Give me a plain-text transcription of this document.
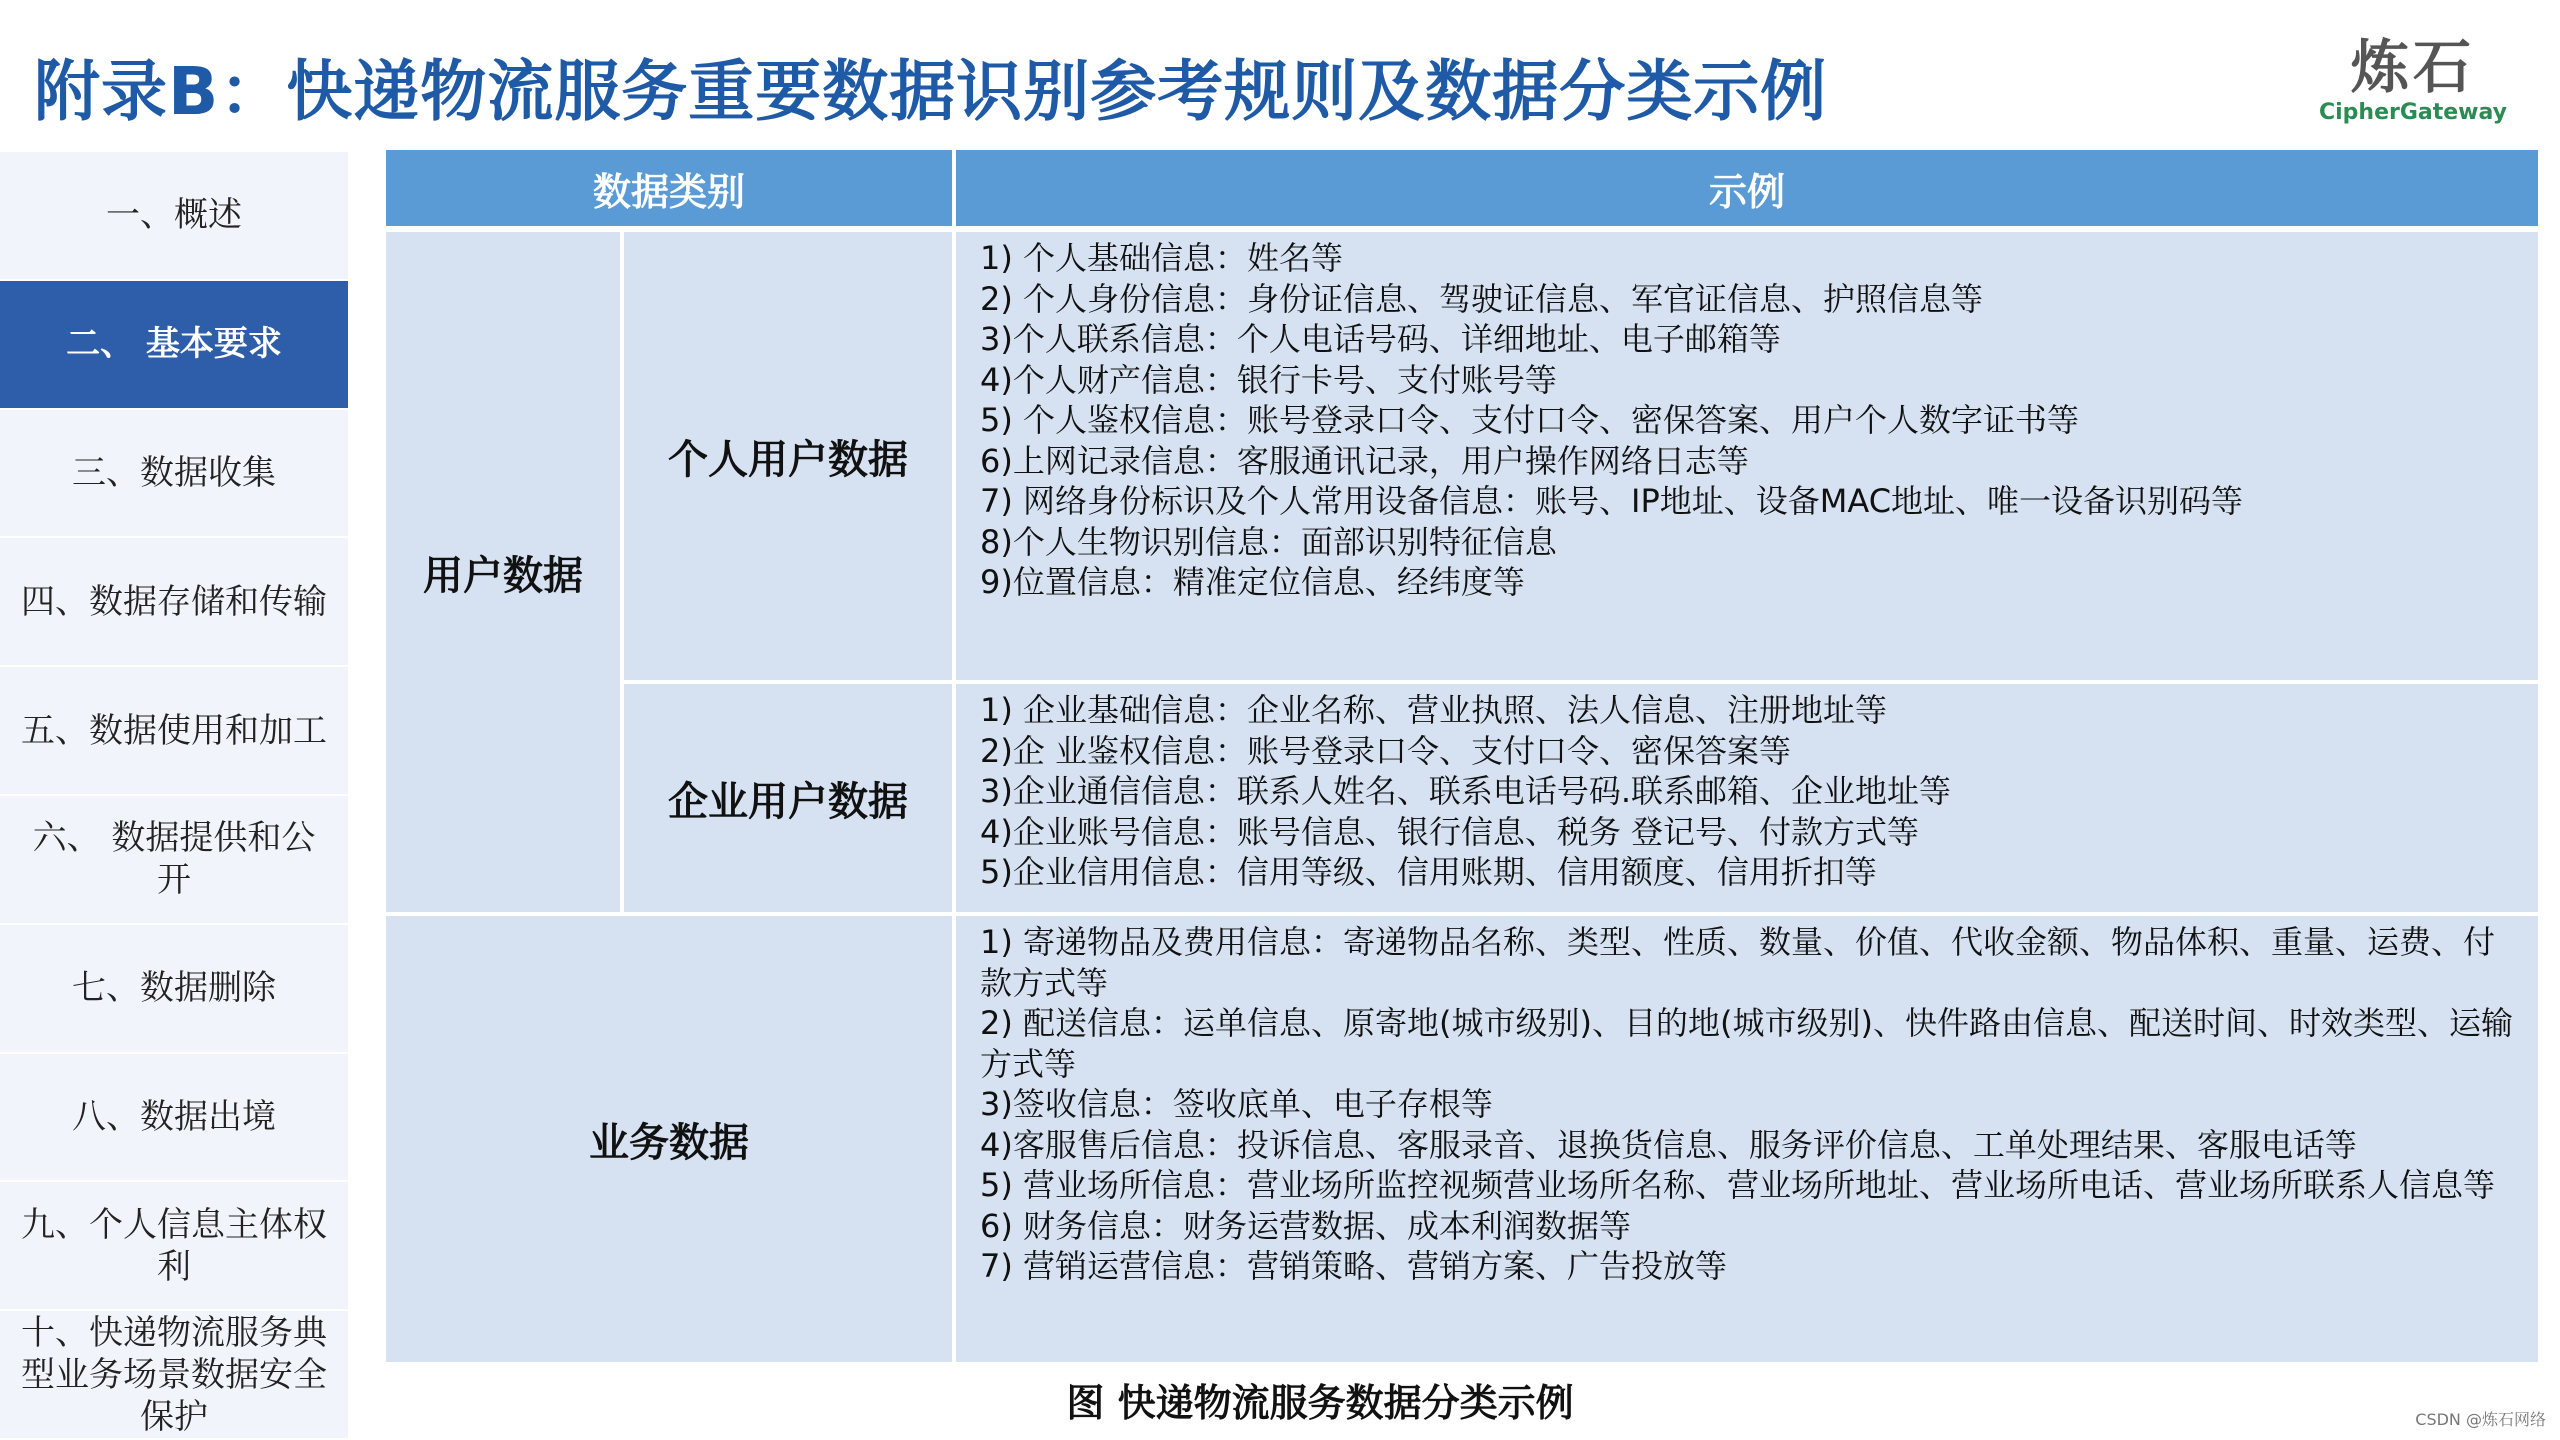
附录B：快递物流服务重要数据识别参考规则及数据分类示例	炼石
CipherGateway
一、概述
二、 基本要求
三、数据收集
四、数据存储和传输
五、数据使用和加工
六、 数据提供和公开
七、数据删除
八、数据出境
九、个人信息主体权利
十、快递物流服务典型业务场景数据安全保护
数据类别	示例
用户数据
个人用户数据
1) 个人基础信息：姓名等
2) 个人身份信息：身份证信息、驾驶证信息、军官证信息、护照信息等
3)个人联系信息：个人电话号码、详细地址、电子邮箱等
4)个人财产信息：银行卡号、支付账号等
5) 个人鉴权信息：账号登录口令、支付口令、密保答案、用户个人数字证书等
6)上网记录信息：客服通讯记录，用户操作网络日志等
7) 网络身份标识及个人常用设备信息：账号、IP地址、设备MAC地址、唯一设备识别码等
8)个人生物识别信息：面部识别特征信息
9)位置信息：精准定位信息、经纬度等
企业用户数据
1) 企业基础信息：企业名称、营业执照、法人信息、注册地址等
2)企 业鉴权信息：账号登录口令、支付口令、密保答案等
3)企业通信信息：联系人姓名、联系电话号码.联系邮箱、企业地址等
4)企业账号信息：账号信息、银行信息、税务 登记号、付款方式等
5)企业信用信息：信用等级、信用账期、信用额度、信用折扣等
业务数据
1) 寄递物品及费用信息：寄递物品名称、类型、性质、数量、价值、代收金额、物品体积、重量、运费、付款方式等
2) 配送信息：运单信息、原寄地(城市级别)、目的地(城市级别)、快件路由信息、配送时间、时效类型、运输方式等
3)签收信息：签收底单、电子存根等
4)客服售后信息：投诉信息、客服录音、退换货信息、服务评价信息、工单处理结果、客服电话等
5) 营业场所信息：营业场所监控视频营业场所名称、营业场所地址、营业场所电话、营业场所联系人信息等
6) 财务信息：财务运营数据、成本利润数据等
7) 营销运营信息：营销策略、营销方案、广告投放等

图 快递物流服务数据分类示例	CSDN @炼石网络
